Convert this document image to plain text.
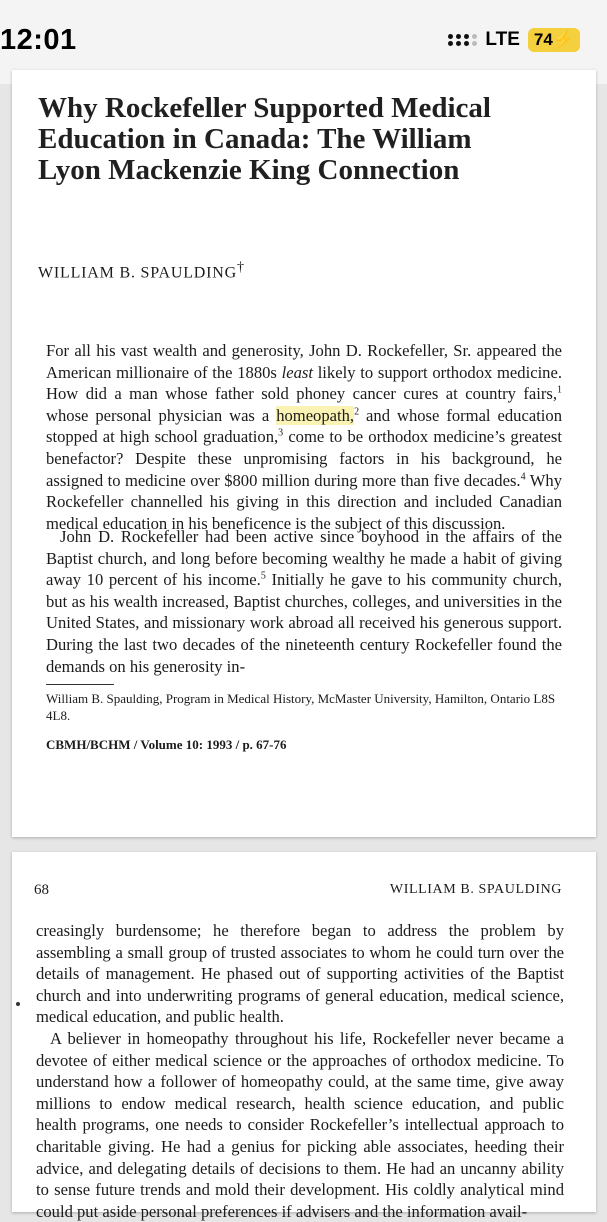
12:01	LTE 74⚡
Why Rockefeller Supported Medical Education in Canada: The William Lyon Mackenzie King Connection
WILLIAM B. SPAULDING†

For all his vast wealth and generosity, John D. Rockefeller, Sr. appeared the American millionaire of the 1880s least likely to support orthodox medicine. How did a man whose father sold phoney cancer cures at country fairs,$^1$ whose personal physician was a homeopath,$^2$ and whose formal education stopped at high school graduation,$^3$ come to be orthodox medicine’s greatest benefactor? Despite these unpromising factors in his background, he assigned to medicine over $800 million during more than five decades.$^4$ Why Rockefeller channelled his giving in this direction and included Canadian medical education in his beneficence is the subject of this discussion.

John D. Rockefeller had been active since boyhood in the affairs of the Baptist church, and long before becoming wealthy he made a habit of giving away 10 percent of his income.$^5$ Initially he gave to his community church, but as his wealth increased, Baptist churches, colleges, and universities in the United States, and missionary work abroad all received his generous support. During the last two decades of the nineteenth century Rockefeller found the demands on his generosity in-

William B. Spaulding, Program in Medical History, McMaster University, Hamilton, Ontario L8S 4L8.
CBMH/BCHM / Volume 10: 1993 / p. 67-76
68	WILLIAM B. SPAULDING

creasingly burdensome; he therefore began to address the problem by assembling a small group of trusted associates to whom he could turn over the details of management. He phased out of supporting activities of the Baptist church and into underwriting programs of general education, medical science, medical education, and public health.

A believer in homeopathy throughout his life, Rockefeller never became a devotee of either medical science or the approaches of orthodox medicine. To understand how a follower of homeopathy could, at the same time, give away millions to endow medical research, health science education, and public health programs, one needs to consider Rockefeller’s intellectual approach to charitable giving. He had a genius for picking able associates, heeding their advice, and delegating details of decisions to them. He had an uncanny ability to sense future trends and mold their development. His coldly analytical mind could put aside personal preferences if advisers and the information avail-
